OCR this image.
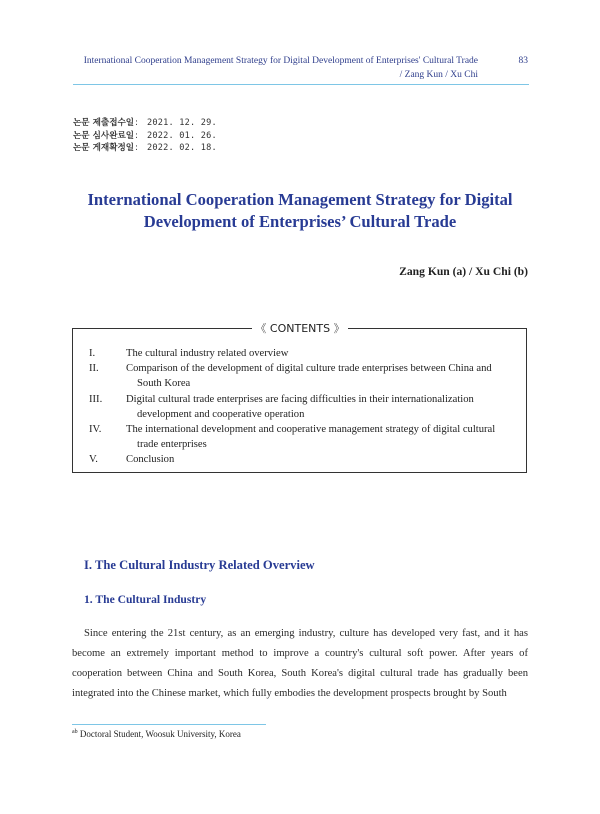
International Cooperation Management Strategy for Digital Development of Enterprises' Cultural Trade	83
/ Zang Kun / Xu Chi
논문 제출접수일 :	2021. 12. 29.
논문 심사완료일 :	2022. 01. 26.
논문 게재확정일 :	2022. 02. 18.
International Cooperation Management Strategy for Digital
Development of Enterprises’ Cultural Trade
Zang Kun (a) / Xu Chi (b)
《 CONTENTS 》
I.	The cultural industry related overview
II.	Comparison of the development of digital culture trade enterprises between China and
South Korea
III.	Digital cultural trade enterprises are facing difficulties in their internationalization
development and cooperative operation
IV.	The international development and cooperative management strategy of digital cultural
trade enterprises
V.	Conclusion
I. The Cultural Industry Related Overview
1. The Cultural Industry
Since entering the 21st century, as an emerging industry, culture has developed very fast, and it has become an extremely important method to improve a country's cultural soft power. After years of cooperation between China and South Korea, South Korea's digital cultural trade has gradually been integrated into the Chinese market, which fully embodies the development prospects brought by South
$^{ab}$ Doctoral Student, Woosuk University, Korea
